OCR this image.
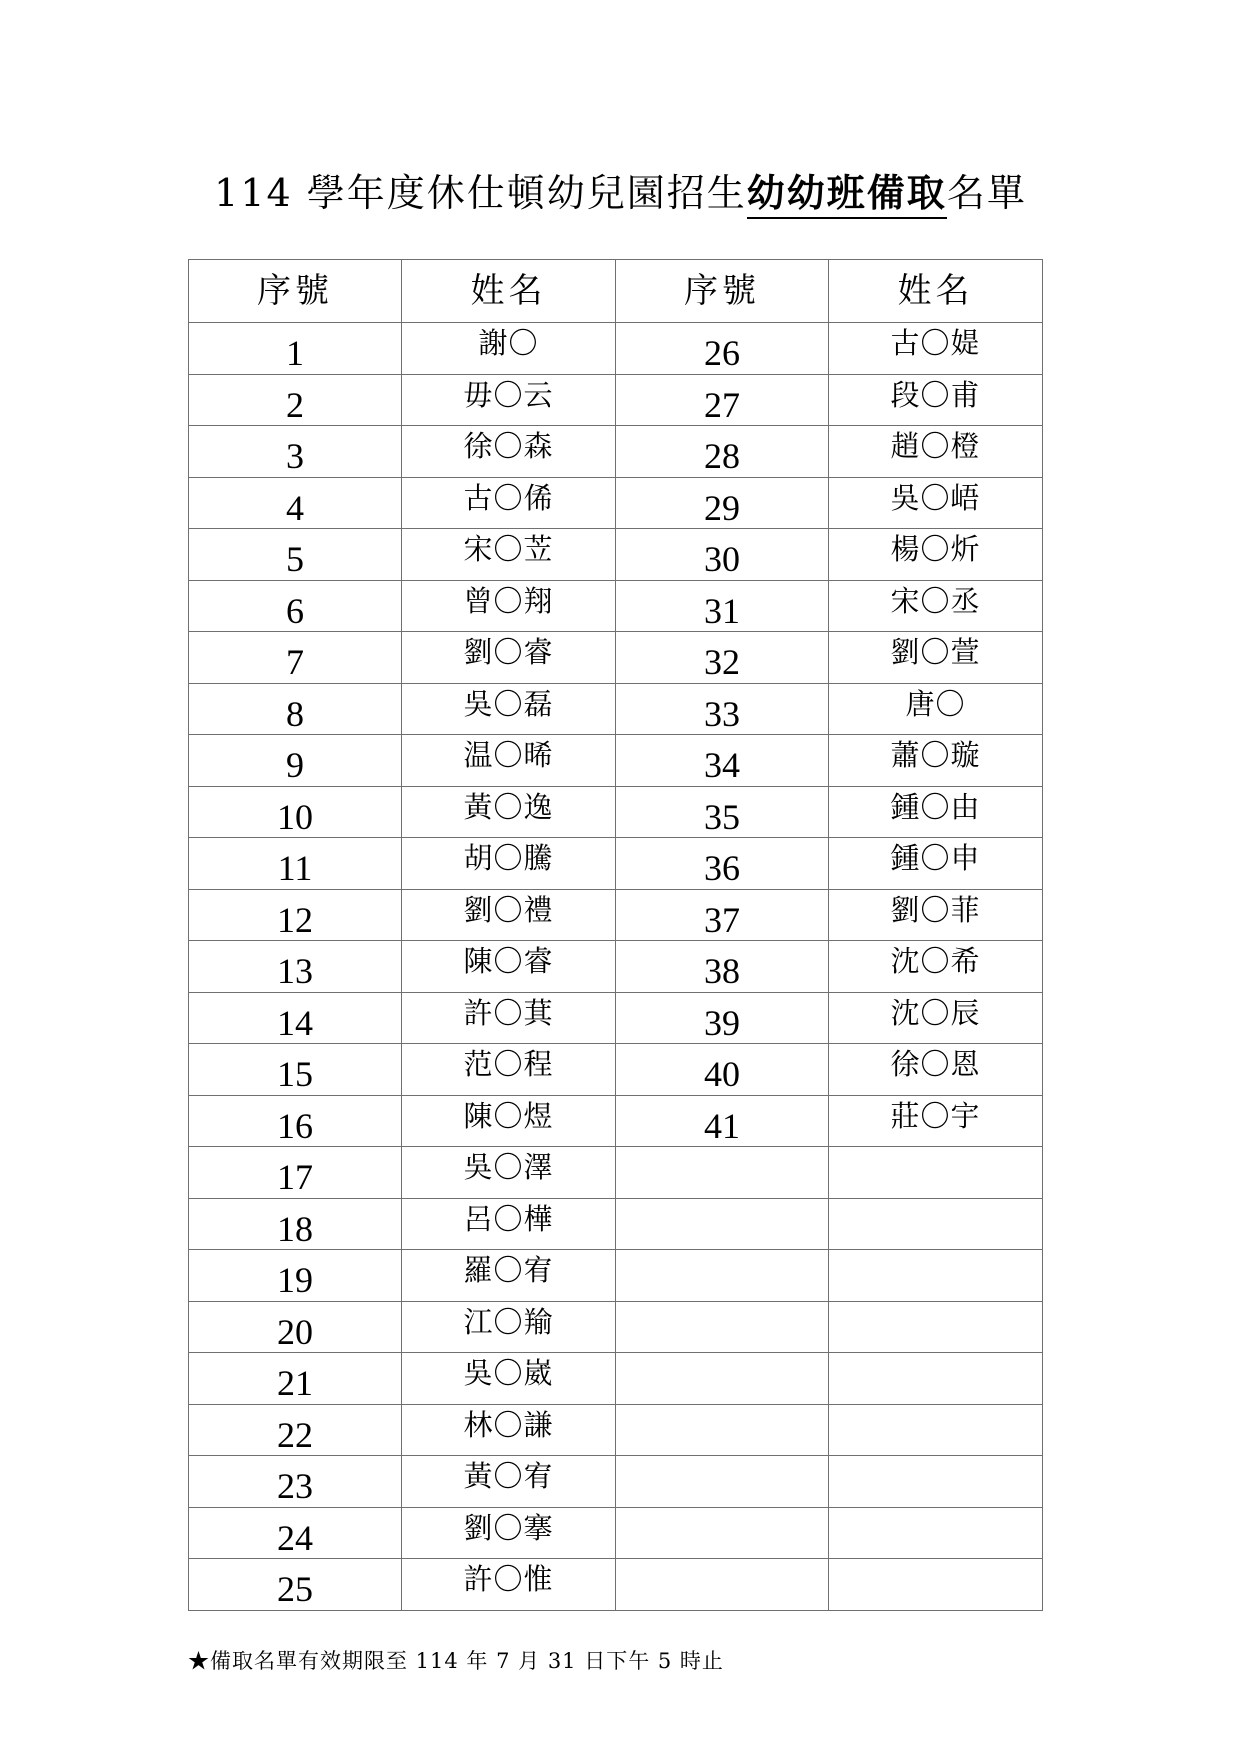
114 學年度休仕頓幼兒園招生幼幼班備取名單
序號	姓名	序號	姓名
1	謝〇	26	古〇媞
2	毋〇云	27	段〇甫
3	徐〇森	28	趙〇橙
4	古〇俙	29	吳〇峿
5	宋〇苙	30	楊〇炘
6	曾〇翔	31	宋〇丞
7	劉〇睿	32	劉〇萱
8	吳〇磊	33	唐〇
9	温〇晞	34	蕭〇璇
10	黃〇逸	35	鍾〇由
11	胡〇騰	36	鍾〇申
12	劉〇禮	37	劉〇菲
13	陳〇睿	38	沈〇希
14	許〇萁	39	沈〇辰
15	范〇程	40	徐〇恩
16	陳〇煜	41	莊〇宇
17	吳〇澤		
18	呂〇樺		
19	羅〇宥		
20	江〇羭		
21	吳〇崴		
22	林〇謙		
23	黃〇宥		
24	劉〇搴		
25	許〇惟		
★備取名單有效期限至 114 年 7 月 31 日下午 5 時止
